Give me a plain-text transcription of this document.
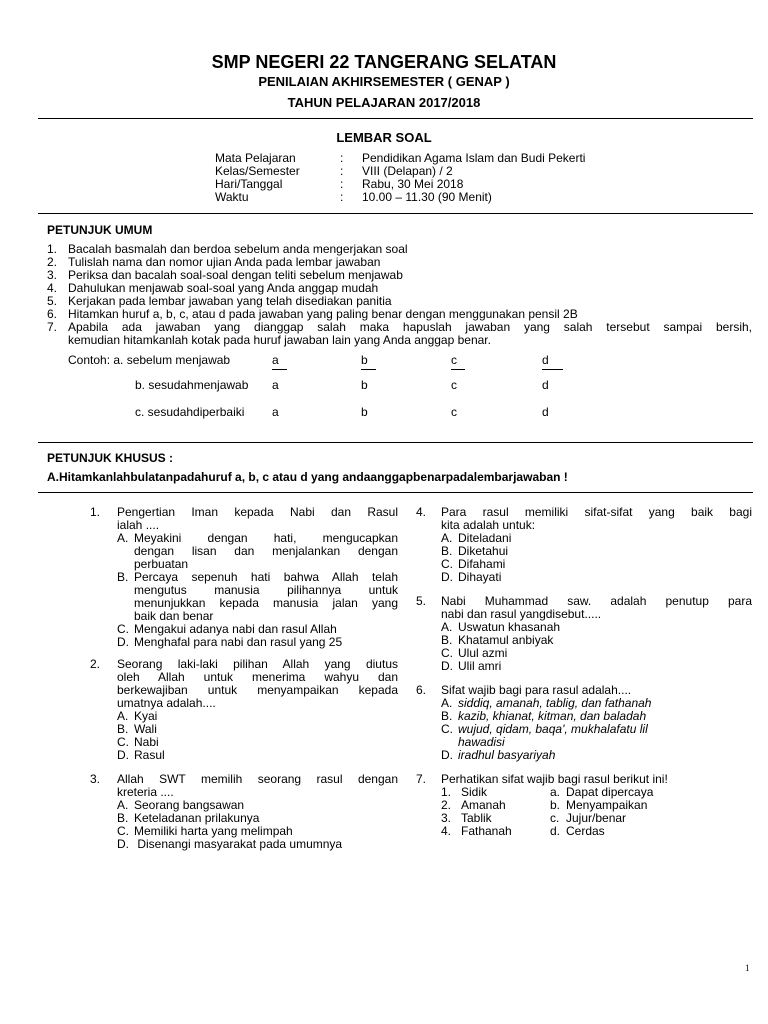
SMP NEGERI 22 TANGERANG SELATAN
PENILAIAN AKHIRSEMESTER ( GENAP )
TAHUN PELAJARAN 2017/2018
LEMBAR SOAL
Mata Pelajaran	: Pendidikan Agama Islam dan Budi Pekerti
Kelas/Semester	: VIII (Delapan) / 2
Hari/Tanggal	: Rabu, 30 Mei 2018
Waktu	: 10.00 – 11.30 (90 Menit)
PETUNJUK UMUM
1. Bacalah basmalah dan berdoa sebelum anda mengerjakan soal
2. Tulislah nama dan nomor ujian Anda pada lembar jawaban
3. Periksa dan bacalah soal-soal dengan teliti sebelum menjawab
4. Dahulukan menjawab soal-soal yang Anda anggap mudah
5. Kerjakan pada lembar jawaban yang telah disediakan panitia
6. Hitamkan huruf a, b, c, atau d pada jawaban yang paling benar dengan menggunakan pensil 2B
7. Apabila ada jawaban yang dianggap salah maka hapuslah jawaban yang salah tersebut sampai bersih,
kemudian hitamkanlah kotak pada huruf jawaban lain yang Anda anggap benar.
Contoh: a. sebelum menjawab	a	b	c	d
b. sesudahmenjawab a	b	c	d
c. sesudahdiperbaiki a	b	c	d
PETUNJUK KHUSUS :
A.Hitamkanlahbulatanpadahuruf a, b, c atau d yang andaanggapbenarpadalembarjawaban !
1. Pengertian Iman kepada Nabi dan Rasul
ialah ....
A. Meyakini dengan hati, mengucapkan
dengan lisan dan menjalankan dengan
perbuatan
B. Percaya sepenuh hati bahwa Allah telah
mengutus manusia pilihannya untuk
menunjukkan kepada manusia jalan yang
baik dan benar
C. Mengakui adanya nabi dan rasul Allah
D. Menghafal para nabi dan rasul yang 25
2. Seorang laki-laki pilihan Allah yang diutus
oleh Allah untuk menerima wahyu dan
berkewajiban untuk menyampaikan kepada
umatnya adalah....
A. Kyai
B. Wali
C. Nabi
D. Rasul
3. Allah SWT memilih seorang rasul dengan
kreteria ....
A. Seorang bangsawan
B. Keteladanan prilakunya
C. Memiliki harta yang melimpah
D. Disenangi masyarakat pada umumnya
4. Para rasul memiliki sifat-sifat yang baik bagi
kita adalah untuk:
A. Diteladani
B. Diketahui
C. Difahami
D. Dihayati
5. Nabi Muhammad saw. adalah penutup para
nabi dan rasul yangdisebut.....
A. Uswatun khasanah
B. Khatamul anbiyak
C. Ulul azmi
D. Ulil amri
6. Sifat wajib bagi para rasul adalah....
A. siddiq, amanah, tablig, dan fathanah
B. kazib, khianat, kitman, dan baladah
C. wujud, qidam, baqa', mukhalafatu lil
hawadisi
D. iradhul basyariyah
7. Perhatikan sifat wajib bagi rasul berikut ini!
1. Sidik	a. Dapat dipercaya
2. Amanah	b. Menyampaikan
3. Tablik	c. Jujur/benar
4. Fathanah	d. Cerdas
1
